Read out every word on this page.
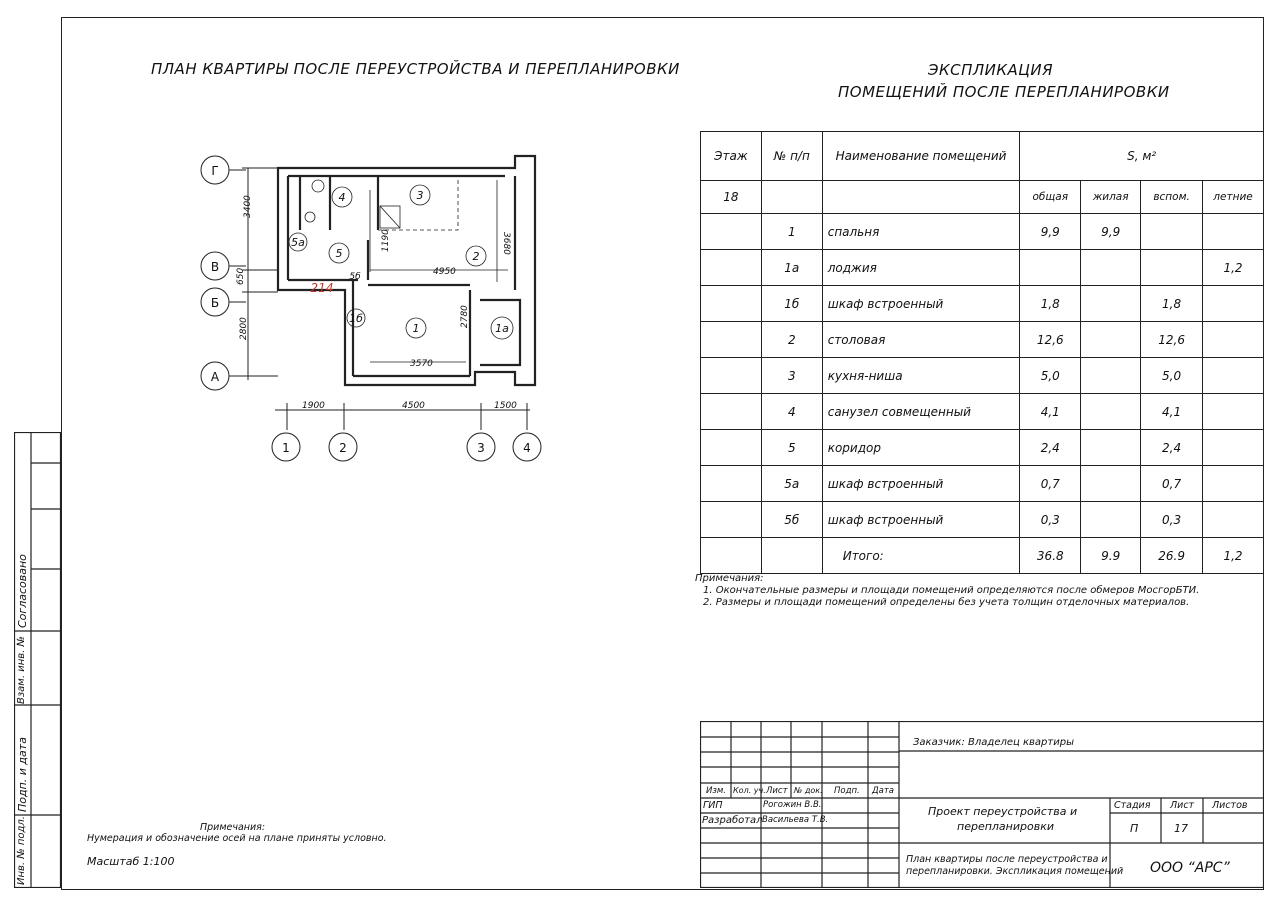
ПЛАН КВАРТИРЫ ПОСЛЕ ПЕРЕУСТРОЙСТВА И ПЕРЕПЛАНИРОВКИ	ЭКСПЛИКАЦИЯ
ПОМЕЩЕНИЙ ПОСЛЕ ПЕРЕПЛАНИРОВКИ
Г
В
Б
А
1	2	3	4
3400
650
2800
1900	4500	1500
4950
3680
1190
2780
3570
4	3
5а
5	2
5б
1б
1	1а
214
Этаж	№ п/п	Наименование помещений	S, м²			
18			общая	жилая	вспом.	летние
	1	спальня	9,9	9,9		
	1а	лоджия				1,2
	1б	шкаф встроенный	1,8		1,8	
	2	столовая	12,6		12,6	
	3	кухня-ниша	5,0		5,0	
	4	санузел совмещенный	4,1		4,1	
	5	коридор	2,4		2,4	
	5а	шкаф встроенный	0,7		0,7	
	5б	шкаф встроенный	0,3		0,3	
		Итого:	36.8	9.9	26.9	1,2
Примечания:
1. Окончательные размеры и площади помещений определяются после обмеров МосгорБТИ.
2. Размеры и площади помещений определены без учета толщин отделочных материалов.
Примечания:
Нумерация и обозначение осей на плане приняты условно.
Масштаб 1:100
Согласовано
Взам. инв. №
Подп. и дата
Инв. № подл.
Заказчик: Владелец квартиры
Изм. Кол. уч. Лист № док. Подп. Дата
ГИП	Рогожин В.В.
Разработал Васильева Т.В.
Проект переустройства и
перепланировки
Стадия Лист Листов
П	17
План квартиры после переустройства и
перепланировки. Экспликация помещений ООО “АРС”
